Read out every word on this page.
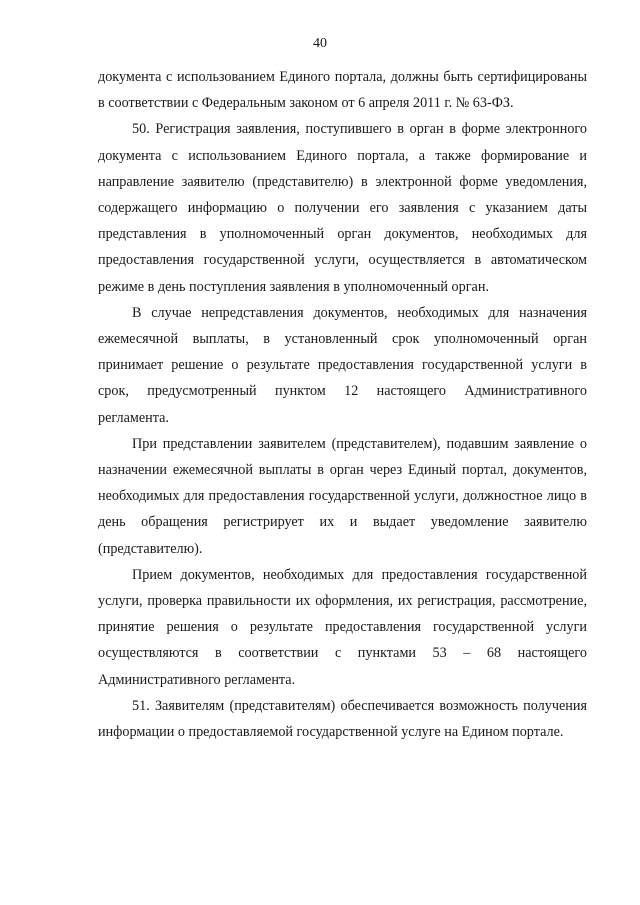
40

документа с использованием Единого портала, должны быть сертифицированы в соответствии с Федеральным законом от 6 апреля 2011 г. № 63-ФЗ.

50. Регистрация заявления, поступившего в орган в форме электронного документа с использованием Единого портала, а также формирование и направление заявителю (представителю) в электронной форме уведомления, содержащего информацию о получении его заявления с указанием даты представления в уполномоченный орган документов, необходимых для предоставления государственной услуги, осуществляется в автоматическом режиме в день поступления заявления в уполномоченный орган.

В случае непредставления документов, необходимых для назначения ежемесячной выплаты, в установленный срок уполномоченный орган принимает решение о результате предоставления государственной услуги в срок, предусмотренный пунктом 12 настоящего Административного регламента.

При представлении заявителем (представителем), подавшим заявление о назначении ежемесячной выплаты в орган через Единый портал, документов, необходимых для предоставления государственной услуги, должностное лицо в день обращения регистрирует их и выдает уведомление заявителю (представителю).

Прием документов, необходимых для предоставления государственной услуги, проверка правильности их оформления, их регистрация, рассмотрение, принятие решения о результате предоставления государственной услуги осуществляются в соответствии с пунктами 53 – 68 настоящего Административного регламента.

51. Заявителям (представителям) обеспечивается возможность получения информации о предоставляемой государственной услуге на Едином портале.
